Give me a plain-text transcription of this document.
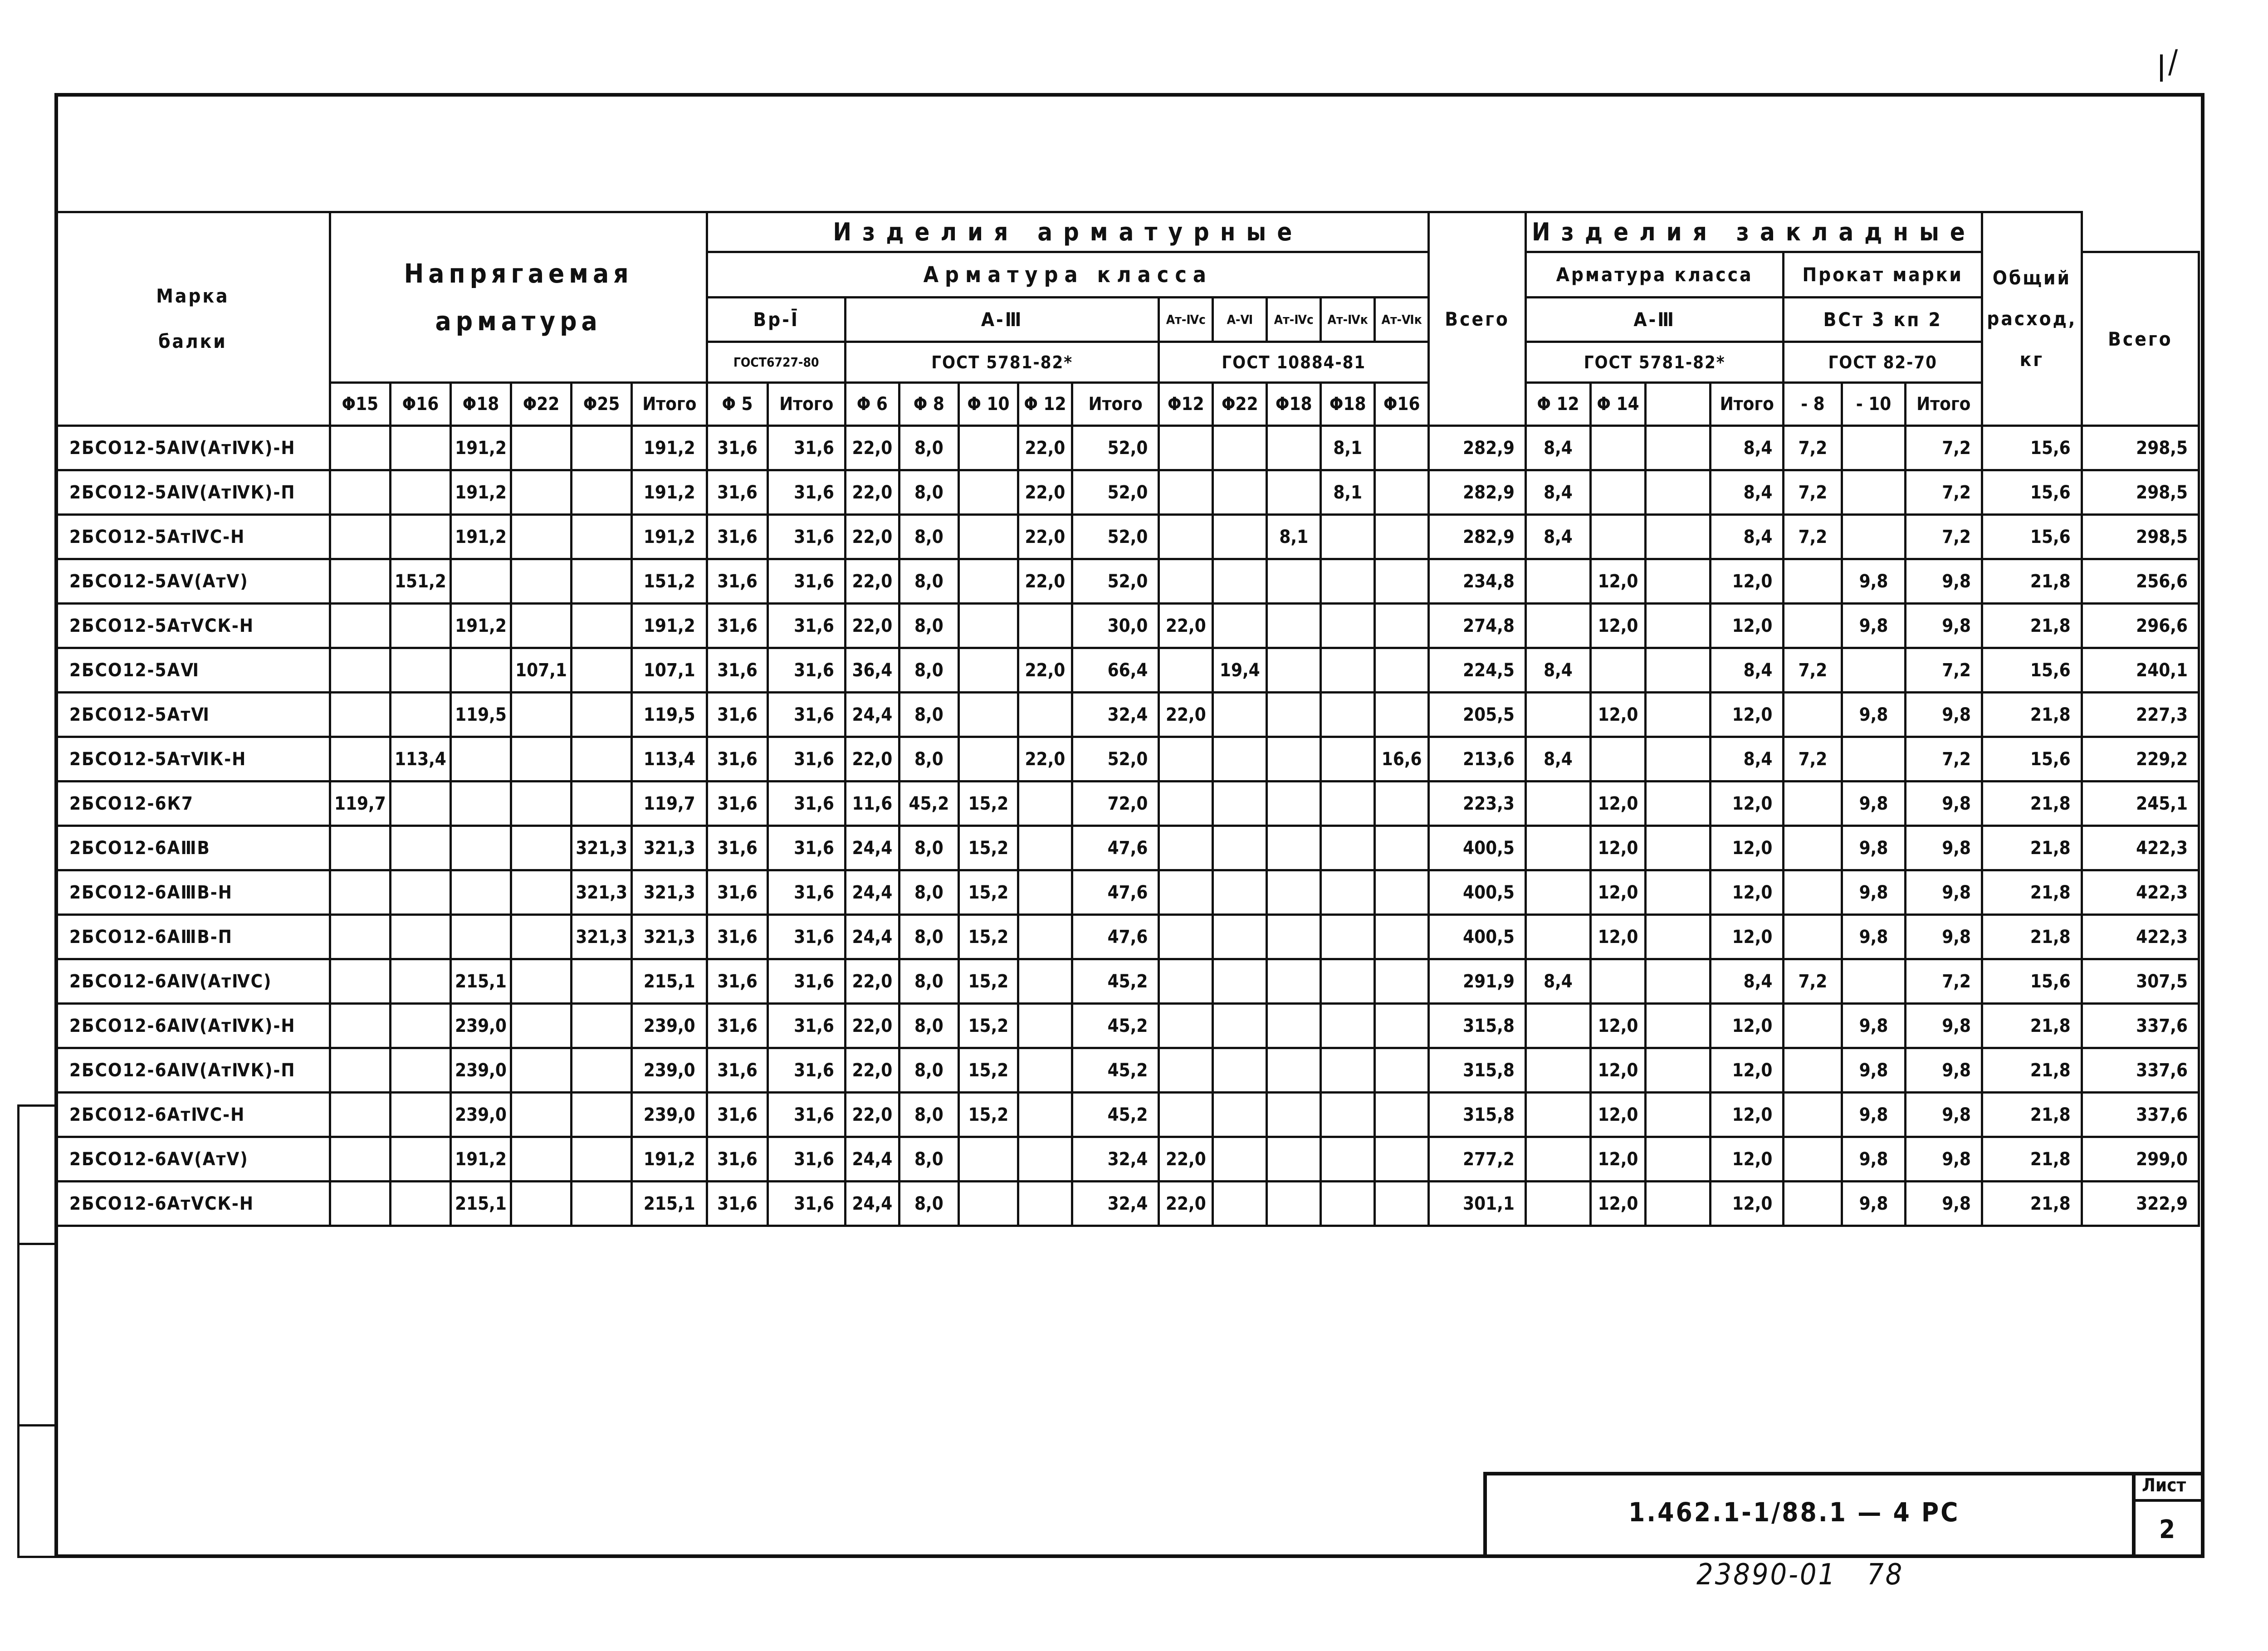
/
Марка
балки	Напрягаемая
арматура						Изделия арматурные												Всего	Изделия закладные							Общий
расход,
кг	
							Арматура класса													Арматура класса				Прокат марки				Всего
							Вр-Ī		А-Ⅲ					Ат-Ⅳс	А-Ⅵ	Ат-Ⅳс	Ат-Ⅳк	Ат-Ⅵк		А-Ⅲ				ВСт 3 кп 2				
							ГОСТ6727-80		ГОСТ 5781-82*					ГОСТ 10884-81						ГОСТ 5781-82*				ГОСТ 82-70				
	Φ15	Φ16	Φ18	Φ22	Φ25	Итого	Φ 5	Итого	Φ 6	Φ 8	Φ 10	Φ 12	Итого	Φ12	Φ22	Φ18	Φ18	Φ16		Φ 12	Φ 14		Итого	- 8	- 10	Итого		
2БСО12-5АⅣ(АтⅣК)-Н			191,2			191,2	31,6	31,6	22,0	8,0		22,0	52,0				8,1		282,9	8,4			8,4	7,2		7,2	15,6	298,5
2БСО12-5АⅣ(АтⅣК)-П			191,2			191,2	31,6	31,6	22,0	8,0		22,0	52,0				8,1		282,9	8,4			8,4	7,2		7,2	15,6	298,5
2БСО12-5АтⅣС-Н			191,2			191,2	31,6	31,6	22,0	8,0		22,0	52,0			8,1			282,9	8,4			8,4	7,2		7,2	15,6	298,5
2БСО12-5АⅤ(АтⅤ)		151,2				151,2	31,6	31,6	22,0	8,0		22,0	52,0						234,8		12,0		12,0		9,8	9,8	21,8	256,6
2БСО12-5АтⅤСК-Н			191,2			191,2	31,6	31,6	22,0	8,0			30,0	22,0					274,8		12,0		12,0		9,8	9,8	21,8	296,6
2БСО12-5АⅥ				107,1		107,1	31,6	31,6	36,4	8,0		22,0	66,4		19,4				224,5	8,4			8,4	7,2		7,2	15,6	240,1
2БСО12-5АтⅥ			119,5			119,5	31,6	31,6	24,4	8,0			32,4	22,0					205,5		12,0		12,0		9,8	9,8	21,8	227,3
2БСО12-5АтⅥК-Н		113,4				113,4	31,6	31,6	22,0	8,0		22,0	52,0					16,6	213,6	8,4			8,4	7,2		7,2	15,6	229,2
2БСО12-6К7	119,7					119,7	31,6	31,6	11,6	45,2	15,2		72,0						223,3		12,0		12,0		9,8	9,8	21,8	245,1
2БСО12-6АⅢВ					321,3	321,3	31,6	31,6	24,4	8,0	15,2		47,6						400,5		12,0		12,0		9,8	9,8	21,8	422,3
2БСО12-6АⅢВ-Н					321,3	321,3	31,6	31,6	24,4	8,0	15,2		47,6						400,5		12,0		12,0		9,8	9,8	21,8	422,3
2БСО12-6АⅢВ-П					321,3	321,3	31,6	31,6	24,4	8,0	15,2		47,6						400,5		12,0		12,0		9,8	9,8	21,8	422,3
2БСО12-6АⅣ(АтⅣС)			215,1			215,1	31,6	31,6	22,0	8,0	15,2		45,2						291,9	8,4			8,4	7,2		7,2	15,6	307,5
2БСО12-6АⅣ(АтⅣК)-Н			239,0			239,0	31,6	31,6	22,0	8,0	15,2		45,2						315,8		12,0		12,0		9,8	9,8	21,8	337,6
2БСО12-6АⅣ(АтⅣК)-П			239,0			239,0	31,6	31,6	22,0	8,0	15,2		45,2						315,8		12,0		12,0		9,8	9,8	21,8	337,6
2БСО12-6АтⅣС-Н			239,0			239,0	31,6	31,6	22,0	8,0	15,2		45,2						315,8		12,0		12,0		9,8	9,8	21,8	337,6
2БСО12-6АⅤ(АтⅤ)			191,2			191,2	31,6	31,6	24,4	8,0			32,4	22,0					277,2		12,0		12,0		9,8	9,8	21,8	299,0
2БСО12-6АтⅤСК-Н			215,1			215,1	31,6	31,6	24,4	8,0			32,4	22,0					301,1		12,0		12,0		9,8	9,8	21,8	322,9
1.462.1-1/88.1 — 4 РС
Лист
2
23890-01   78
